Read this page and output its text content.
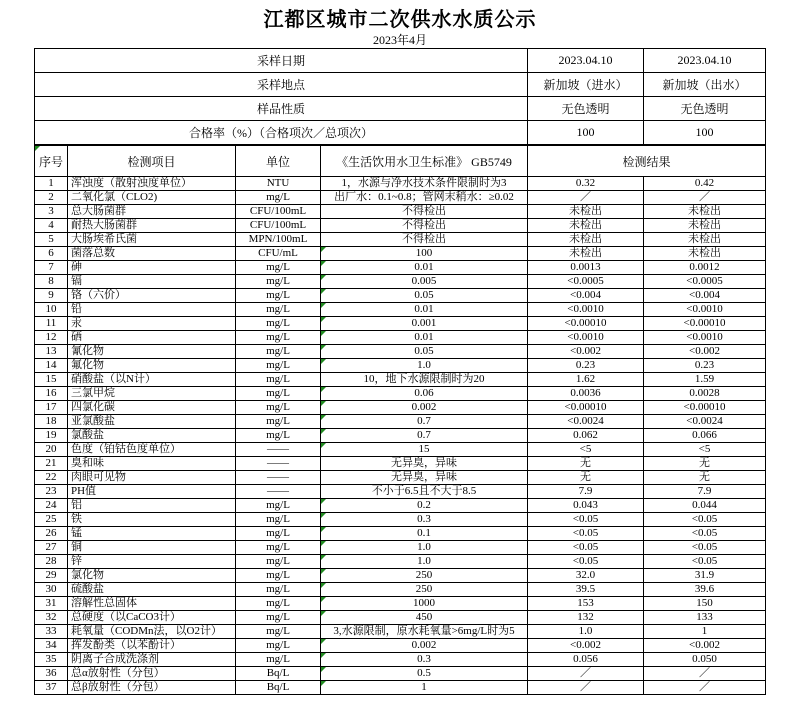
江都区城市二次供水水质公示
2023年4月
采样日期	2023.04.10	2023.04.10
采样地点	新加坡（进水）	新加坡（出水）
样品性质	无色透明	无色透明
合格率（%）（合格项次／总项次）	100	100
序号	检测项目	单位	《生活饮用水卫生标准》 GB5749	检测结果	
1	浑浊度（散射浊度单位）	NTU	1，水源与净水技术条件限制时为3	0.32	0.42
2	二氧化氯（CLO2)	mg/L	出厂水：0.1~0.8；管网末稍水：≥0.02	／	／
3	总大肠菌群	CFU/100mL	不得检出	未检出	未检出
4	耐热大肠菌群	CFU/100mL	不得检出	未检出	未检出
5	大肠埃希氏菌	MPN/100mL	不得检出	未检出	未检出
6	菌落总数	CFU/mL	100	未检出	未检出
7	砷	mg/L	0.01	0.0013	0.0012
8	镉	mg/L	0.005	<0.0005	<0.0005
9	铬（六价）	mg/L	0.05	<0.004	<0.004
10	铅	mg/L	0.01	<0.0010	<0.0010
11	汞	mg/L	0.001	<0.00010	<0.00010
12	硒	mg/L	0.01	<0.0010	<0.0010
13	氰化物	mg/L	0.05	<0.002	<0.002
14	氟化物	mg/L	1.0	0.23	0.23
15	硝酸盐（以N计）	mg/L	10，地下水源限制时为20	1.62	1.59
16	三氯甲烷	mg/L	0.06	0.0036	0.0028
17	四氯化碳	mg/L	0.002	<0.00010	<0.00010
18	亚氯酸盐	mg/L	0.7	<0.0024	<0.0024
19	氯酸盐	mg/L	0.7	0.062	0.066
20	色度（铂钴色度单位）	——	15	<5	<5
21	臭和味	——	无异臭，异味	无	无
22	肉眼可见物	——	无异臭，异味	无	无
23	PH值	——	不小于6.5且不大于8.5	7.9	7.9
24	铝	mg/L	0.2	0.043	0.044
25	铁	mg/L	0.3	<0.05	<0.05
26	锰	mg/L	0.1	<0.05	<0.05
27	铜	mg/L	1.0	<0.05	<0.05
28	锌	mg/L	1.0	<0.05	<0.05
29	氯化物	mg/L	250	32.0	31.9
30	硫酸盐	mg/L	250	39.5	39.6
31	溶解性总固体	mg/L	1000	153	150
32	总硬度（以CaCO3计）	mg/L	450	132	133
33	耗氧量（CODMn法，以O2计）	mg/L	3,水源限制，原水耗氧量>6mg/L时为5	1.0	1
34	挥发酚类（以苯酚计）	mg/L	0.002	<0.002	<0.002
35	阴离子合成洗涤剂	mg/L	0.3	0.056	0.050
36	总α放射性（分包）	Bq/L	0.5	／	／
37	总β放射性（分包）	Bq/L	1	／	／
